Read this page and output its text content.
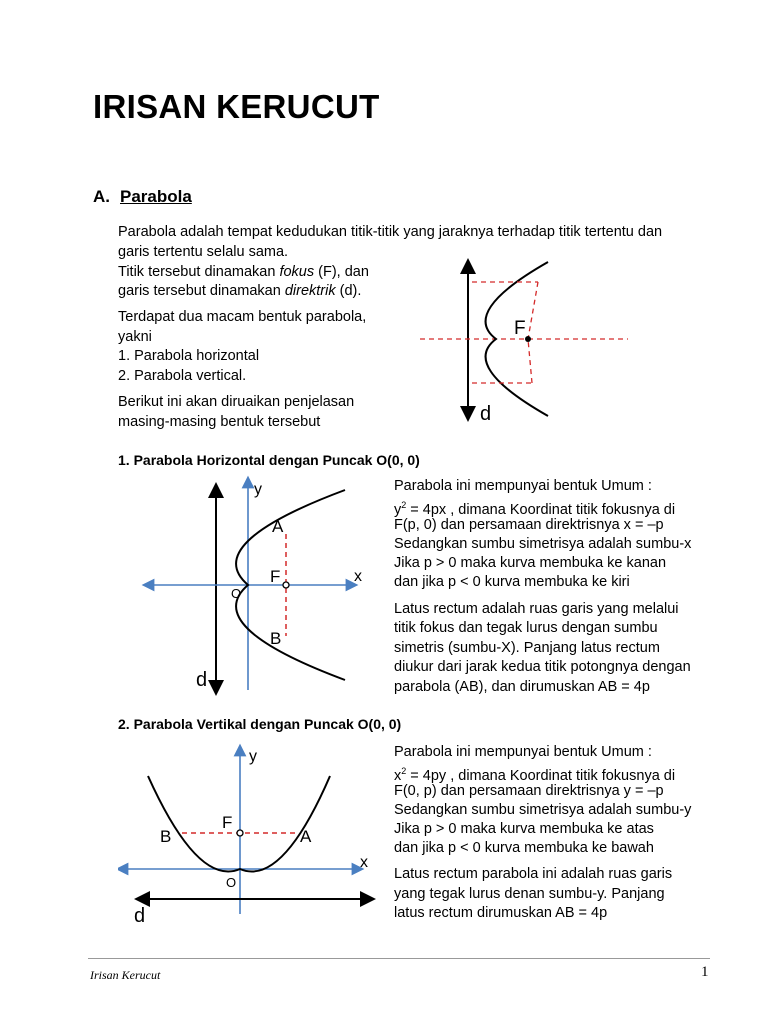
IRISAN KERUCUT
A. Parabola
Parabola adalah tempat kedudukan titik-titik yang jaraknya terhadap titik tertentu dan
garis tertentu selalu sama.
Titik tersebut dinamakan fokus (F), dan
garis tersebut dinamakan direktrik (d).
Terdapat dua macam bentuk parabola,
yakni
1. Parabola horizontal
2. Parabola vertical.
Berikut ini akan diruaikan penjelasan
masing-masing bentuk tersebut
F
d
1. Parabola Horizontal dengan Puncak O(0, 0)
y
x
A
F
O
B
d
Parabola ini mempunyai bentuk Umum :
$y^2 = 4px$ , dimana Koordinat titik fokusnya di
F(p, 0) dan persamaan direktrisnya x = –p
Sedangkan sumbu simetrisya adalah sumbu-x
Jika p > 0 maka kurva membuka ke kanan
dan jika p < 0 kurva membuka ke kiri
Latus rectum adalah ruas garis yang melalui
titik fokus dan tegak lurus dengan sumbu
simetris (sumbu-X). Panjang latus rectum
diukur dari jarak kedua titik potongnya dengan
parabola (AB), dan dirumuskan AB = 4p
2. Parabola Vertikal dengan Puncak O(0, 0)
y
F
B	A
x
O
d
Parabola ini mempunyai bentuk Umum :
$x^2 = 4py$ , dimana Koordinat titik fokusnya di
F(0, p) dan persamaan direktrisnya y = –p
Sedangkan sumbu simetrisya adalah sumbu-y
Jika p > 0 maka kurva membuka ke atas
dan jika p < 0 kurva membuka ke bawah
Latus rectum parabola ini adalah ruas garis
yang tegak lurus denan sumbu-y. Panjang
latus rectum dirumuskan AB = 4p
Irisan Kerucut	1
